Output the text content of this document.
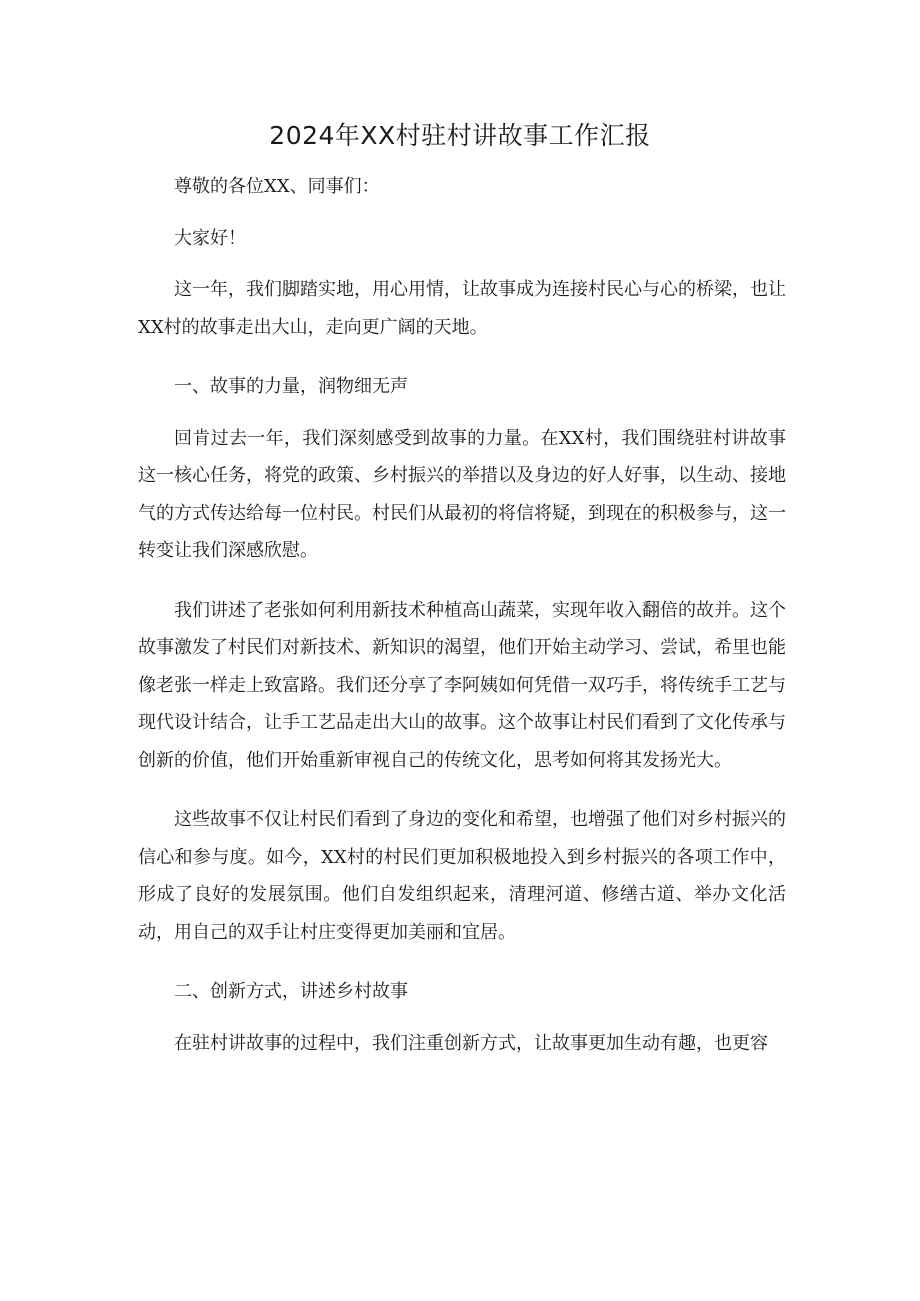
2024年XX村驻村讲故事工作汇报

尊敬的各位XX、同事们：

大家好！

这一年，我们脚踏实地，用心用情，让故事成为连接村民心与心的桥梁，也让XX村的故事走出大山，走向更广阔的天地。

一、故事的力量，润物细无声

回肯过去一年，我们深刻感受到故事的力量。在XX村，我们围绕驻村讲故事这一核心任务，将党的政策、乡村振兴的举措以及身边的好人好事，以生动、接地气的方式传达给每一位村民。村民们从最初的将信将疑，到现在的积极参与，这一转变让我们深感欣慰。

我们讲述了老张如何利用新技术种植高山蔬菜，实现年收入翻倍的故并。这个故事激发了村民们对新技术、新知识的渴望，他们开始主动学习、尝试，希里也能像老张一样走上致富路。我们还分享了李阿姨如何凭借一双巧手，将传统手工艺与现代设计结合，让手工艺品走出大山的故事。这个故事让村民们看到了文化传承与创新的价值，他们开始重新审视自己的传统文化，思考如何将其发扬光大。

这些故事不仅让村民们看到了身边的变化和希望，也增强了他们对乡村振兴的信心和参与度。如今，XX村的村民们更加积极地投入到乡村振兴的各项工作中，形成了良好的发展氛围。他们自发组织起来，清理河道、修缮古道、举办文化活动，用自己的双手让村庄变得更加美丽和宜居。

二、创新方式，讲述乡村故事

在驻村讲故事的过程中，我们注重创新方式，让故事更加生动有趣，也更容
